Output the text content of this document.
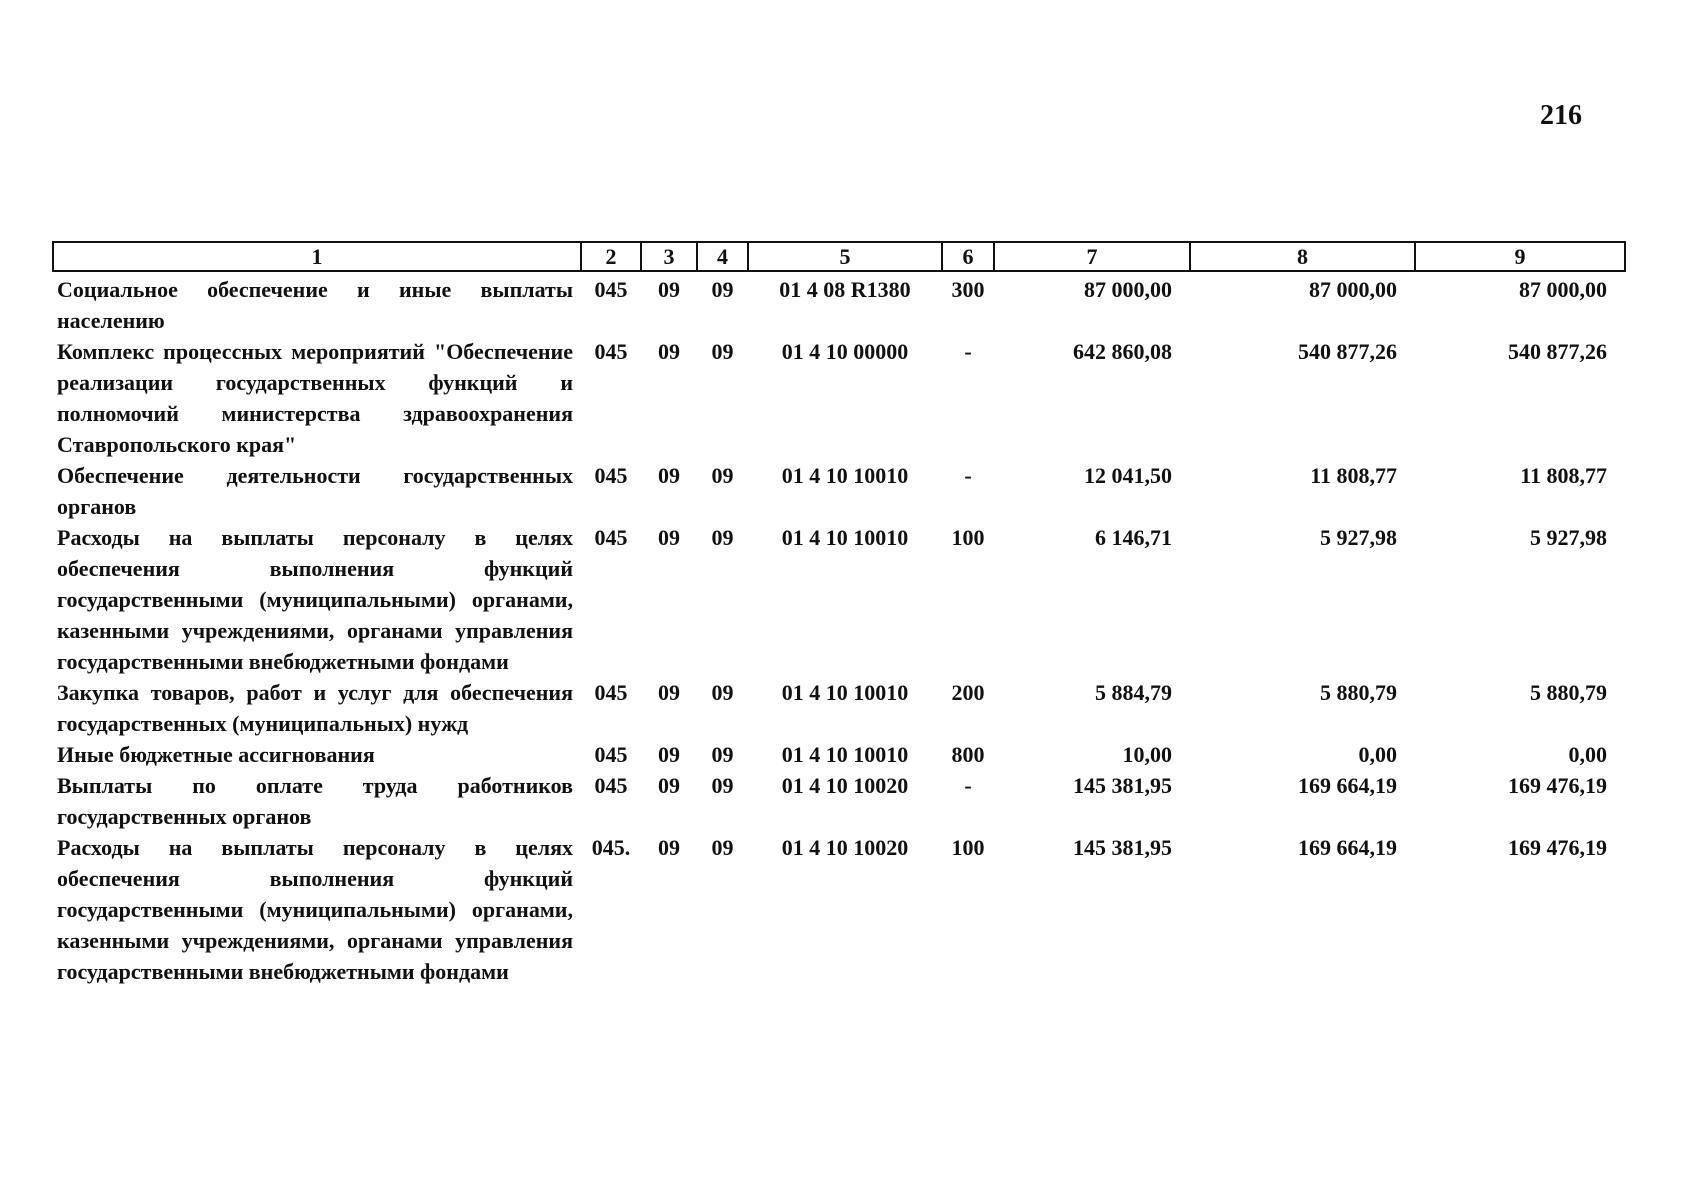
216
1	2	3	4	5	6	7	8	9
Социальное обеспечение и иные выплаты населению	045	09	09	01 4 08 R1380	300	87 000,00	87 000,00	87 000,00
Комплекс процессных мероприятий "Обеспечение реализации государственных функций и полномочий министерства здравоохранения Ставропольского края"	045	09	09	01 4 10 00000	-	642 860,08	540 877,26	540 877,26
Обеспечение деятельности государственных органов	045	09	09	01 4 10 10010	-	12 041,50	11 808,77	11 808,77
Расходы на выплаты персоналу в целях обеспечения выполнения функций государственными (муниципальными) органами, казенными учреждениями, органами управления государственными внебюджетными фондами	045	09	09	01 4 10 10010	100	6 146,71	5 927,98	5 927,98
Закупка товаров, работ и услуг для обеспечения государственных (муниципальных) нужд	045	09	09	01 4 10 10010	200	5 884,79	5 880,79	5 880,79
Иные бюджетные ассигнования	045	09	09	01 4 10 10010	800	10,00	0,00	0,00
Выплаты по оплате труда работников государственных органов	045	09	09	01 4 10 10020	-	145 381,95	169 664,19	169 476,19
Расходы на выплаты персоналу в целях обеспечения выполнения функций государственными (муниципальными) органами, казенными учреждениями, органами управления государственными внебюджетными фондами	045.	09	09	01 4 10 10020	100	145 381,95	169 664,19	169 476,19
